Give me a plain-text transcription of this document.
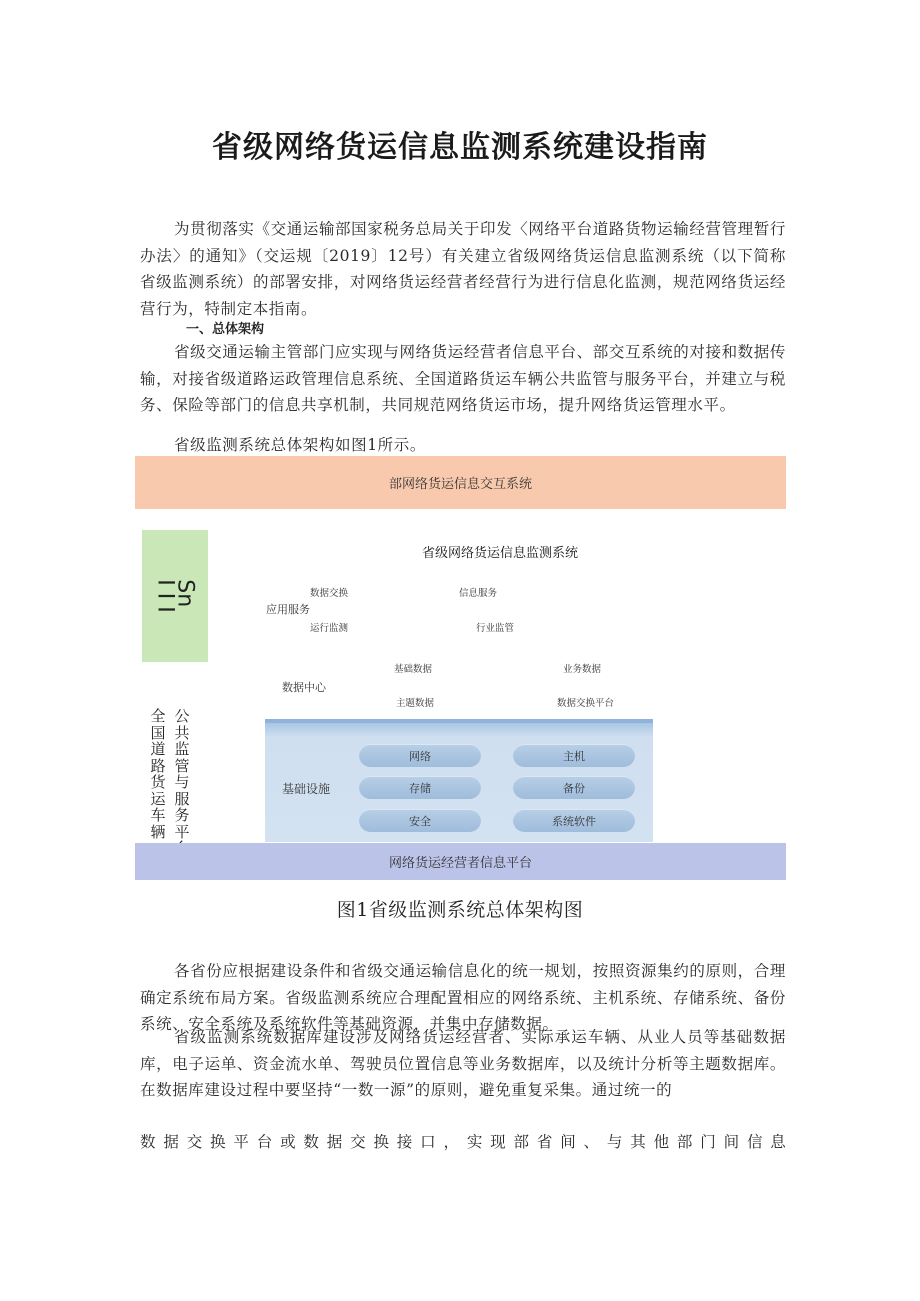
省级网络货运信息监测系统建设指南

为贯彻落实《交通运输部国家税务总局关于印发〈网络平台道路货物运输经营管理暂行办法〉的通知》（交运规〔2019〕12号）有关建立省级网络货运信息监测系统（以下简称省级监测系统）的部署安排，对网络货运经营者经营行为进行信息化监测，规范网络货运经营行为，特制定本指南。

一、总体架构

省级交通运输主管部门应实现与网络货运经营者信息平台、部交互系统的对接和数据传输，对接省级道路运政管理信息系统、全国道路货运车辆公共监管与服务平台，并建立与税务、保险等部门的信息共享机制，共同规范网络货运市场，提升网络货运管理水平。

省级监测系统总体架构如图1所示。

部网络货运信息交互系统
Sn
I I I
全国道路货运车辆
公共监管与服务平
省级网络货运信息监测系统
数据交换	信息服务
应用服务
运行监测	行业监管
基础数据	业务数据
数据中心
主题数据	数据交换平台
基础设施
网络	主机
存储	备份
安全	系统软件
网络货运经营者信息平台
图1省级监测系统总体架构图

各省份应根据建设条件和省级交通运输信息化的统一规划，按照资源集约的原则，合理确定系统布局方案。省级监测系统应合理配置相应的网络系统、主机系统、存储系统、备份系统、安全系统及系统软件等基础资源，并集中存储数据。

省级监测系统数据库建设涉及网络货运经营者、实际承运车辆、从业人员等基础数据库，电子运单、资金流水单、驾驶员位置信息等业务数据库，以及统计分析等主题数据库。在数据库建设过程中要坚持“一数一源”的原则，避免重复采集。通过统一的

数 据 交 换 平 台 或 数 据 交 换 接 口 ， 实 现 部 省 间 、 与 其 他 部 门 间 信 息
